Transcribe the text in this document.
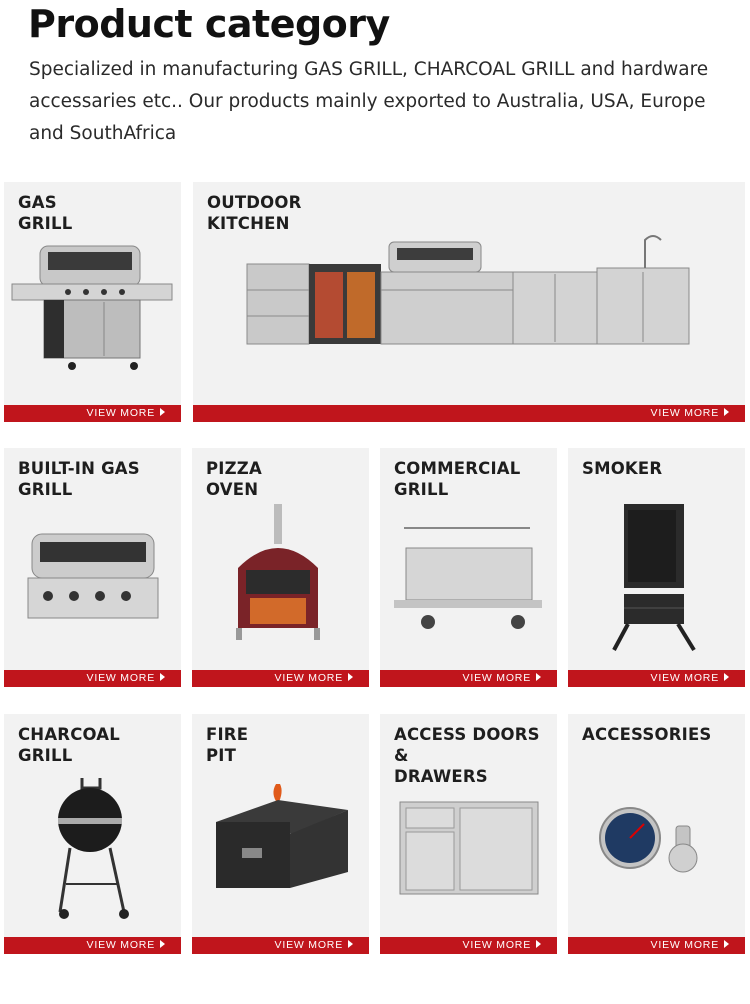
Product category

Specialized in manufacturing GAS GRILL, CHARCOAL GRILL and hardware accessaries etc.. Our products mainly exported to Australia, USA, Europe and SouthAfrica

GAS
GRILL
VIEW MORE
OUTDOOR
KITCHEN
VIEW MORE
BUILT-IN GAS
GRILL
VIEW MORE
PIZZA
OVEN
VIEW MORE
COMMERCIAL
GRILL
VIEW MORE
SMOKER
VIEW MORE
CHARCOAL
GRILL
VIEW MORE
FIRE
PIT
VIEW MORE
ACCESS DOORS &
DRAWERS
VIEW MORE
ACCESSORIES
VIEW MORE
